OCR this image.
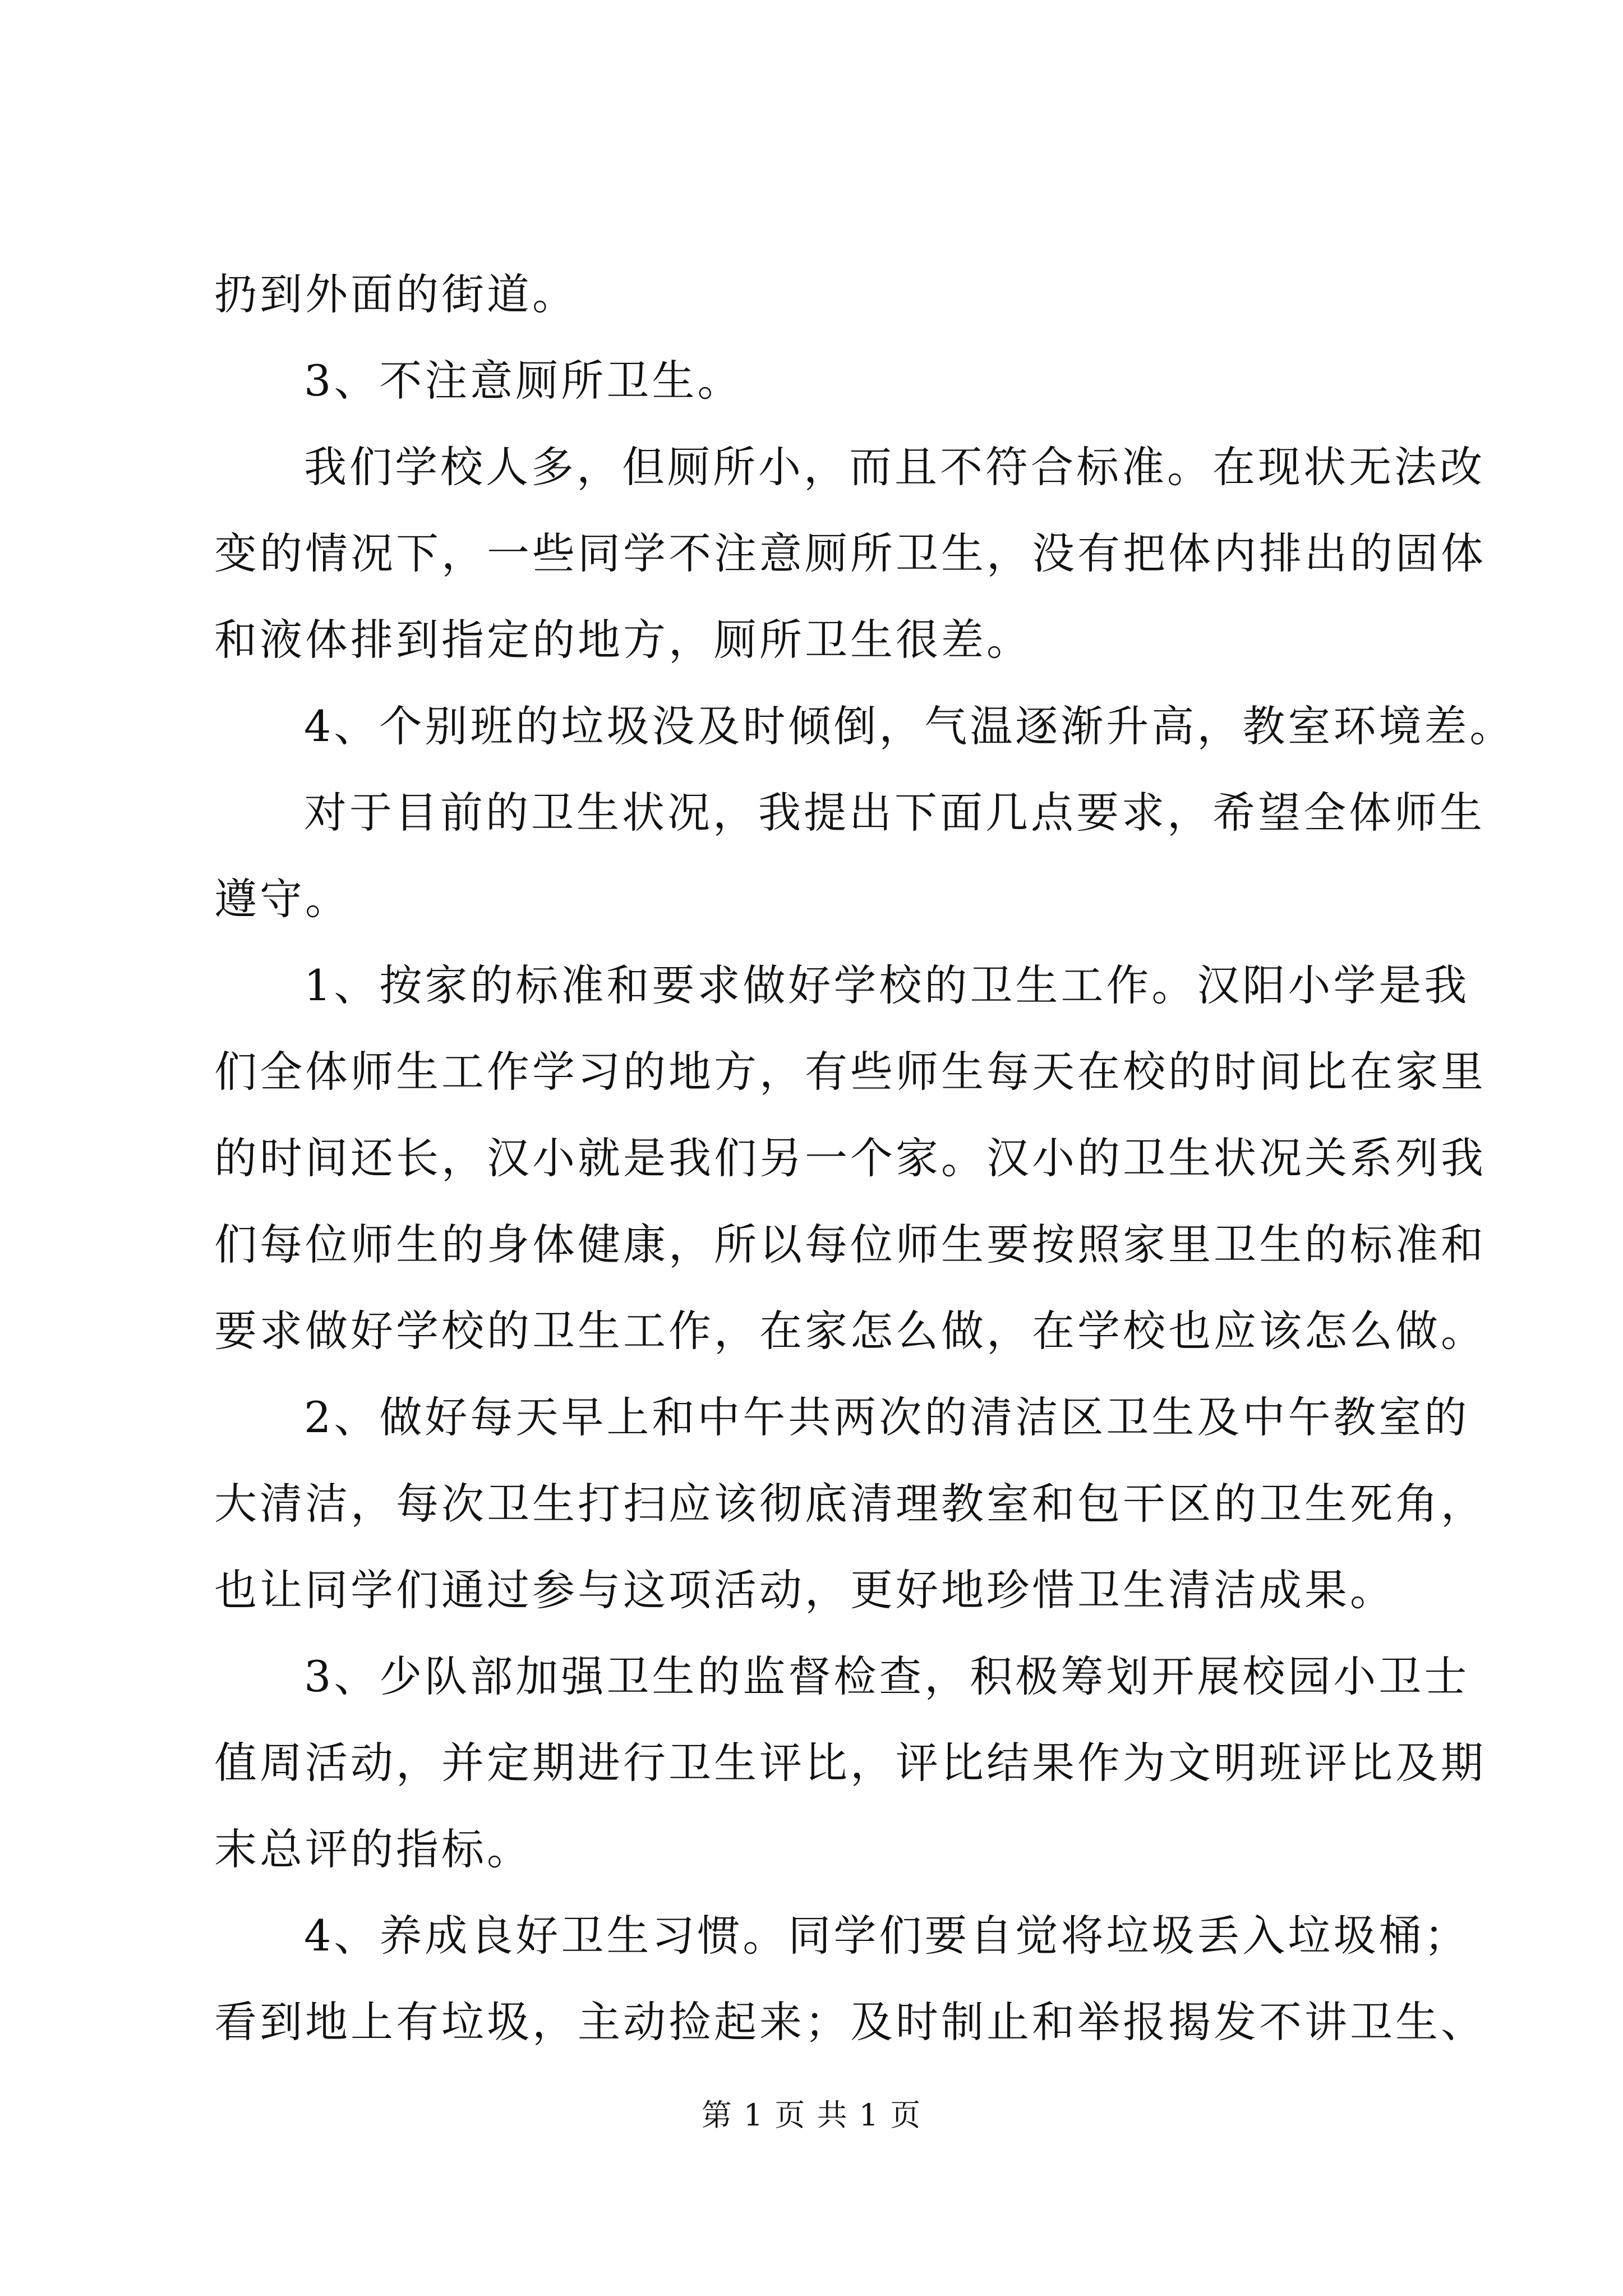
扔到外面的街道。
3、不注意厕所卫生。
我们学校人多，但厕所小，而且不符合标准。在现状无法改
变的情况下，一些同学不注意厕所卫生，没有把体内排出的固体
和液体排到指定的地方，厕所卫生很差。
4、个别班的垃圾没及时倾倒，气温逐渐升高，教室环境差。
对于目前的卫生状况，我提出下面几点要求，希望全体师生
遵守。
1、按家的标准和要求做好学校的卫生工作。汉阳小学是我
们全体师生工作学习的地方，有些师生每天在校的时间比在家里
的时间还长，汉小就是我们另一个家。汉小的卫生状况关系列我
们每位师生的身体健康，所以每位师生要按照家里卫生的标准和
要求做好学校的卫生工作，在家怎么做，在学校也应该怎么做。
2、做好每天早上和中午共两次的清洁区卫生及中午教室的
大清洁，每次卫生打扫应该彻底清理教室和包干区的卫生死角，
也让同学们通过参与这项活动，更好地珍惜卫生清洁成果。
3、少队部加强卫生的监督检查，积极筹划开展校园小卫士
值周活动，并定期进行卫生评比，评比结果作为文明班评比及期
末总评的指标。
4、养成良好卫生习惯。同学们要自觉将垃圾丢入垃圾桶；
看到地上有垃圾，主动捡起来；及时制止和举报揭发不讲卫生、
第 1 页 共 1 页
